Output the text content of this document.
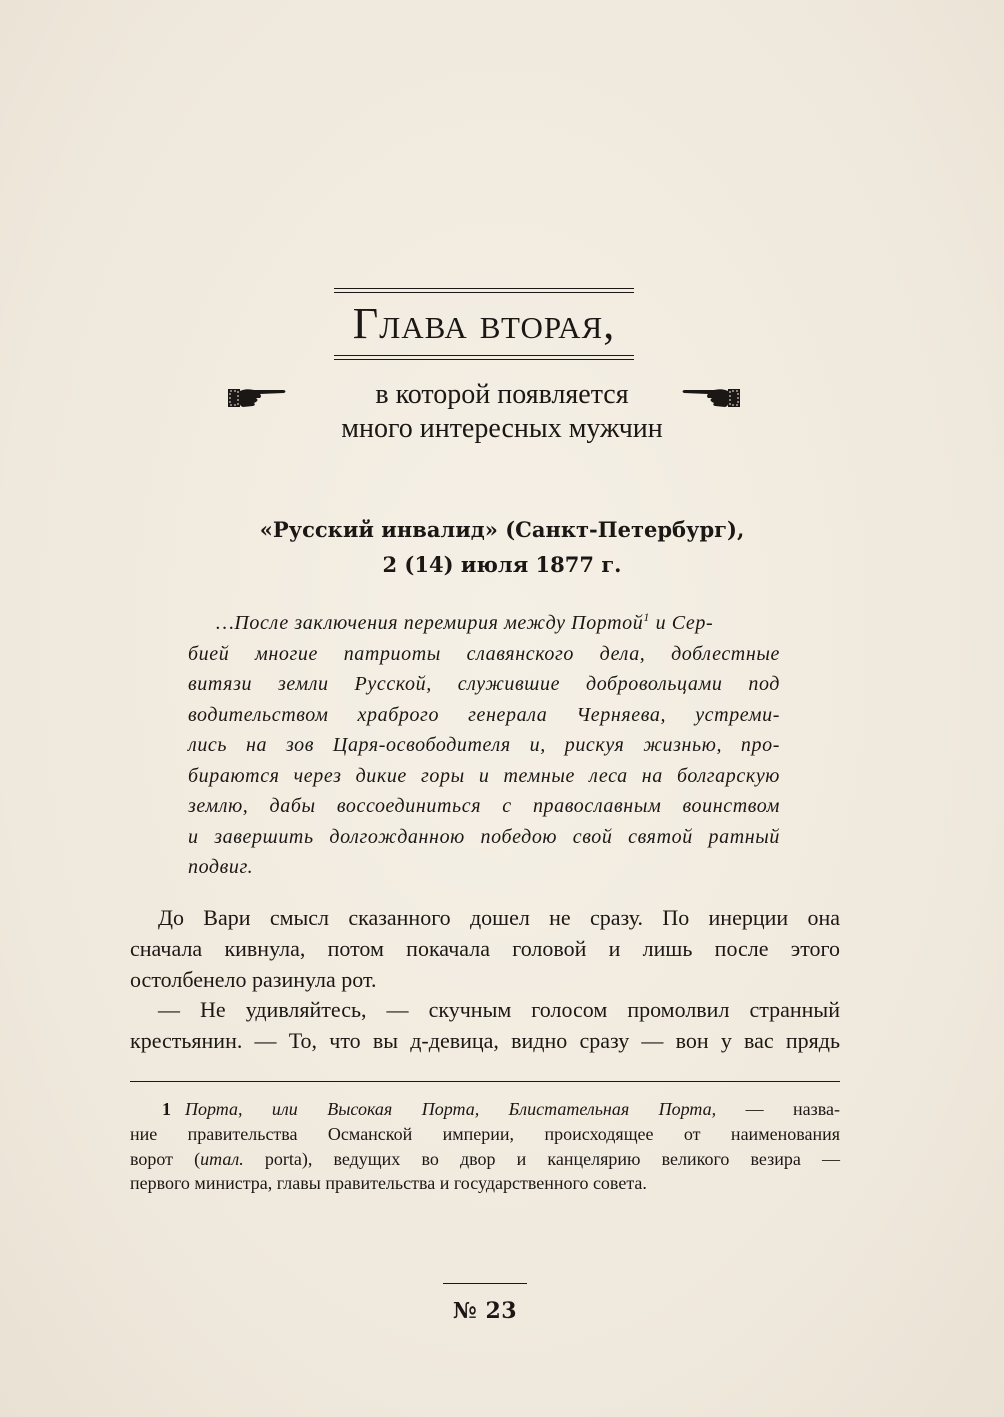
Глава вторая,
в которой появляется
много интересных мужчин
«Русский инвалид» (Санкт-Петербург),
2 (14) июля 1877 г.
…После заключения перемирия между Портой$^1$ и Сер-
бией многие патриоты славянского дела, доблестные
витязи земли Русской, служившие добровольцами под
водительством храброго генерала Черняева, устреми-
лись на зов Царя-освободителя и, рискуя жизнью, про-
бираются через дикие горы и темные леса на болгарскую
землю, дабы воссоединиться с православным воинством
и завершить долгожданною победою свой святой ратный
подвиг.
До Вари смысл сказанного дошел не сразу. По инерции она
сначала кивнула, потом покачала головой и лишь после этого
остолбенело разинула рот.
— Не удивляйтесь, — скучным голосом промолвил странный
крестьянин. — То, что вы д-девица, видно сразу — вон у вас прядь
1 Порта, или Высокая Порта, Блистательная Порта, — назва-
ние правительства Османской империи, происходящее от наименования
ворот (итал. porta), ведущих во двор и канцелярию великого везира —
первого министра, главы правительства и государственного совета.
№ 23
